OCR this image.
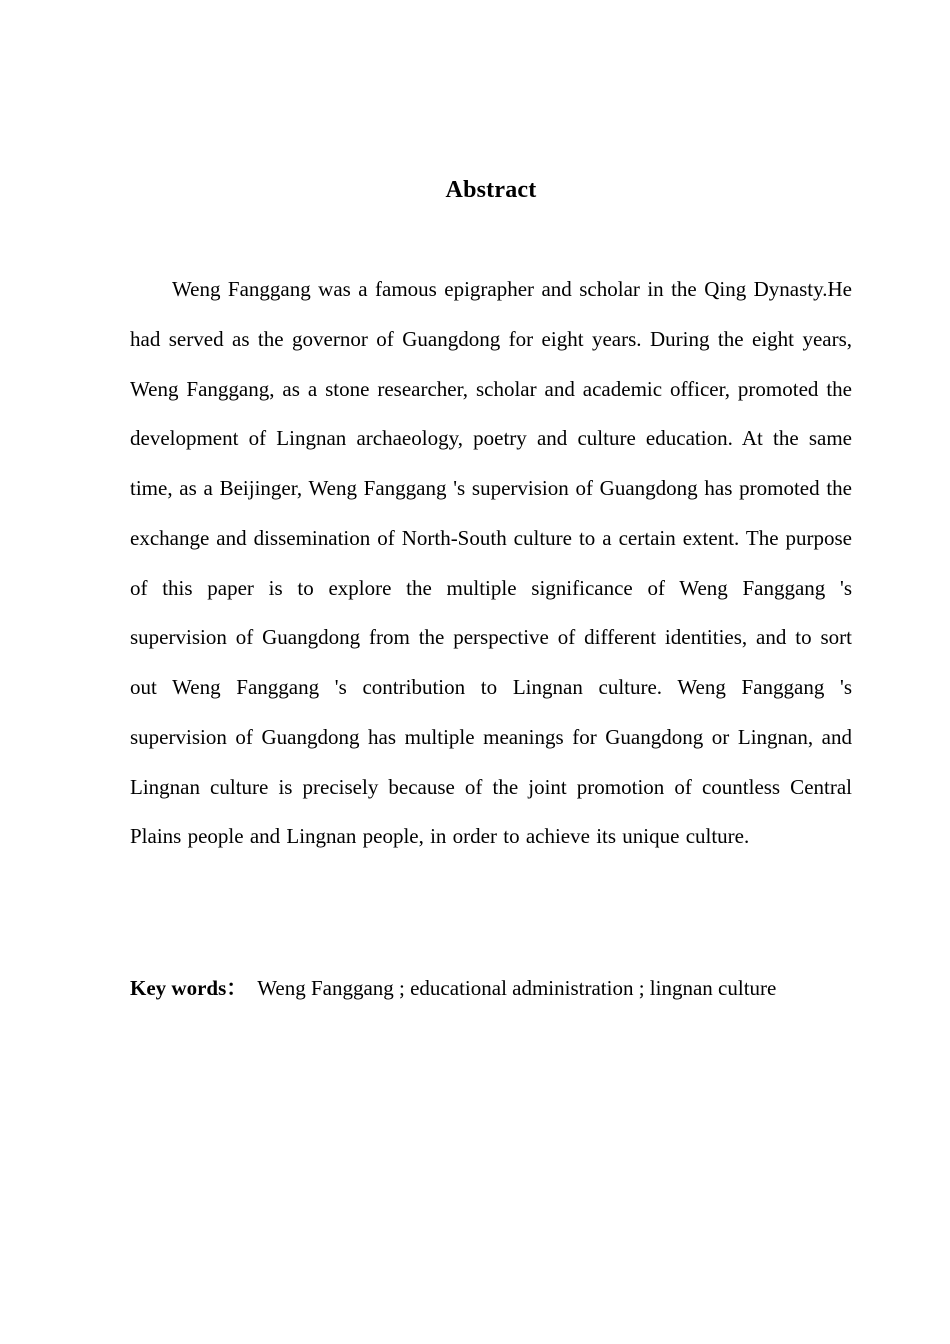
Abstract

Weng Fanggang was a famous epigrapher and scholar in the Qing Dynasty.He had served as the governor of Guangdong for eight years. During the eight years, Weng Fanggang, as a stone researcher, scholar and academic officer, promoted the development of Lingnan archaeology, poetry and culture education. At the same time, as a Beijinger, Weng Fanggang 's supervision of Guangdong has promoted the exchange and dissemination of North-South culture to a certain extent. The purpose of this paper is to explore the multiple significance of Weng Fanggang 's supervision of Guangdong from the perspective of different identities, and to sort out Weng Fanggang 's contribution to Lingnan culture. Weng Fanggang 's supervision of Guangdong has multiple meanings for Guangdong or Lingnan, and Lingnan culture is precisely because of the joint promotion of countless Central Plains people and Lingnan people, in order to achieve its unique culture.

Key words： Weng Fanggang ; educational administration ; lingnan culture
